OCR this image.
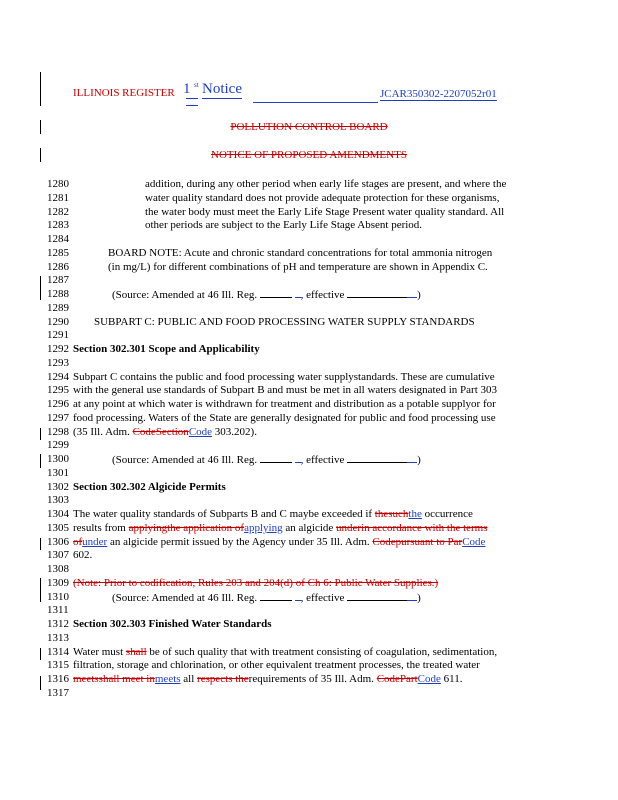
ILLINOIS REGISTER 1 st Notice	JCAR350302-2207052r01
POLLUTION CONTROL BOARD
NOTICE OF PROPOSED AMENDMENTS
1280	addition, during any other period when early life stages are present, and where the
1281	water quality standard does not provide adequate protection for these organisms,
1282	the water body must meet the Early Life Stage Present water quality standard. All
1283	other periods are subject to the Early Life Stage Absent period.
1284
1285	BOARD NOTE: Acute and chronic standard concentrations for total ammonia nitrogen
1286	(in mg/L) for different combinations of pH and temperature are shown in Appendix C.
1287
1288	(Source: Amended at 46 Ill. Reg.	, effective	)
1289
1290	SUBPART C: PUBLIC AND FOOD PROCESSING WATER SUPPLY STANDARDS
1291
1292 Section 302.301 Scope and Applicability
1293
1294 Subpart C contains the public and food processing water supplystandards. These are cumulative
1295 with the general use standards of Subpart B and must be met in all waters designated in Part 303
1296 at any point at which water is withdrawn for treatment and distribution as a potable supplyor for
1297 food processing. Waters of the State are generally designated for public and food processing use
1298 (35 Ill. Adm. CodeSectionCode 303.202).
1299
1300	(Source: Amended at 46 Ill. Reg.	, effective	)
1301
1302 Section 302.302 Algicide Permits
1303
1304 The water quality standards of Subparts B and C maybe exceeded if thesuchthe occurrence
1305 results from applyingthe application ofapplying an algicide underin accordance with the terms
1306 ofunder an algicide permit issued by the Agency under 35 Ill. Adm. Codepursuant to ParCode
1307 602.
1308
1309 (Note: Prior to codification, Rules 203 and 204(d) of Ch 6: Public Water Supplies.)
1310	(Source: Amended at 46 Ill. Reg.	, effective	)
1311
1312 Section 302.303 Finished Water Standards
1313
1314 Water must shall be of such quality that with treatment consisting of coagulation, sedimentation,
1315 filtration, storage and chlorination, or other equivalent treatment processes, the treated water
1316 meetsshall meet inmeets all respects therequirements of 35 Ill. Adm. CodePartCode 611.
1317
